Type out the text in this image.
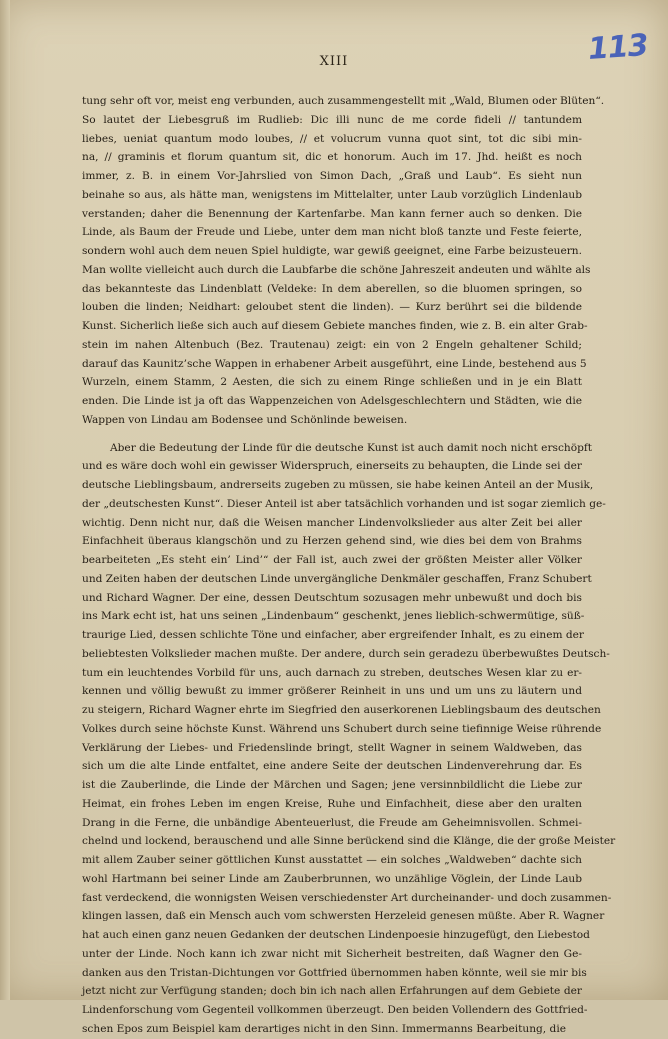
XIII	113

tung sehr oft vor, meist eng verbunden, auch zusammengestellt mit „Wald, Blumen oder Blüten“.
So lautet der Liebesgruß im Rudlieb: Dic illi nunc de me corde fideli // tantundem
liebes, ueniat quantum modo loubes, // et volucrum vunna quot sint, tot dic sibi min-
na, // graminis et florum quantum sit, dic et honorum. Auch im 17. Jhd. heißt es noch
immer, z. B. in einem Vor-Jahrslied von Simon Dach, „Graß und Laub“. Es sieht nun
beinahe so aus, als hätte man, wenigstens im Mittelalter, unter Laub vorzüglich Lindenlaub
verstanden; daher die Benennung der Kartenfarbe. Man kann ferner auch so denken. Die
Linde, als Baum der Freude und Liebe, unter dem man nicht bloß tanzte und Feste feierte,
sondern wohl auch dem neuen Spiel huldigte, war gewiß geeignet, eine Farbe beizusteuern.
Man wollte vielleicht auch durch die Laubfarbe die schöne Jahreszeit andeuten und wählte als
das bekannteste das Lindenblatt (Veldeke: In dem aberellen, so die bluomen springen, so
louben die linden; Neidhart: geloubet stent die linden). — Kurz berührt sei die bildende
Kunst. Sicherlich ließe sich auch auf diesem Gebiete manches finden, wie z. B. ein alter Grab-
stein im nahen Altenbuch (Bez. Trautenau) zeigt: ein von 2 Engeln gehaltener Schild;
darauf das Kaunitz’sche Wappen in erhabener Arbeit ausgeführt, eine Linde, bestehend aus 5
Wurzeln, einem Stamm, 2 Aesten, die sich zu einem Ringe schließen und in je ein Blatt
enden. Die Linde ist ja oft das Wappenzeichen von Adelsgeschlechtern und Städten, wie die
Wappen von Lindau am Bodensee und Schönlinde beweisen.

Aber die Bedeutung der Linde für die deutsche Kunst ist auch damit noch nicht erschöpft
und es wäre doch wohl ein gewisser Widerspruch, einerseits zu behaupten, die Linde sei der
deutsche Lieblingsbaum, andrerseits zugeben zu müssen, sie habe keinen Anteil an der Musik,
der „deutschesten Kunst“. Dieser Anteil ist aber tatsächlich vorhanden und ist sogar ziemlich ge-
wichtig. Denn nicht nur, daß die Weisen mancher Lindenvolkslieder aus alter Zeit bei aller
Einfachheit überaus klangschön und zu Herzen gehend sind, wie dies bei dem von Brahms
bearbeiteten „Es steht ein’ Lind’“ der Fall ist, auch zwei der größten Meister aller Völker
und Zeiten haben der deutschen Linde unvergängliche Denkmäler geschaffen, Franz Schubert
und Richard Wagner. Der eine, dessen Deutschtum sozusagen mehr unbewußt und doch bis
ins Mark echt ist, hat uns seinen „Lindenbaum“ geschenkt, jenes lieblich-schwermütige, süß-
traurige Lied, dessen schlichte Töne und einfacher, aber ergreifender Inhalt, es zu einem der
beliebtesten Volkslieder machen mußte. Der andere, durch sein geradezu überbewußtes Deutsch-
tum ein leuchtendes Vorbild für uns, auch darnach zu streben, deutsches Wesen klar zu er-
kennen und völlig bewußt zu immer größerer Reinheit in uns und um uns zu läutern und
zu steigern, Richard Wagner ehrte im Siegfried den auserkorenen Lieblingsbaum des deutschen
Volkes durch seine höchste Kunst. Während uns Schubert durch seine tiefinnige Weise rührende
Verklärung der Liebes- und Friedenslinde bringt, stellt Wagner in seinem Waldweben, das
sich um die alte Linde entfaltet, eine andere Seite der deutschen Lindenverehrung dar. Es
ist die Zauberlinde, die Linde der Märchen und Sagen; jene versinnbildlicht die Liebe zur
Heimat, ein frohes Leben im engen Kreise, Ruhe und Einfachheit, diese aber den uralten
Drang in die Ferne, die unbändige Abenteuerlust, die Freude am Geheimnisvollen. Schmei-
chelnd und lockend, berauschend und alle Sinne berückend sind die Klänge, die der große Meister
mit allem Zauber seiner göttlichen Kunst ausstattet — ein solches „Waldweben“ dachte sich
wohl Hartmann bei seiner Linde am Zauberbrunnen, wo unzählige Vöglein, der Linde Laub
fast verdeckend, die wonnigsten Weisen verschiedenster Art durcheinander- und doch zusammen-
klingen lassen, daß ein Mensch auch vom schwersten Herzeleid genesen müßte. Aber R. Wagner
hat auch einen ganz neuen Gedanken der deutschen Lindenpoesie hinzugefügt, den Liebestod
unter der Linde. Noch kann ich zwar nicht mit Sicherheit bestreiten, daß Wagner den Ge-
danken aus den Tristan-Dichtungen vor Gottfried übernommen haben könnte, weil sie mir bis
jetzt nicht zur Verfügung standen; doch bin ich nach allen Erfahrungen auf dem Gebiete der
Lindenforschung vom Gegenteil vollkommen überzeugt. Den beiden Vollendern des Gottfried-
schen Epos zum Beispiel kam derartiges nicht in den Sinn. Immermanns Bearbeitung, die
